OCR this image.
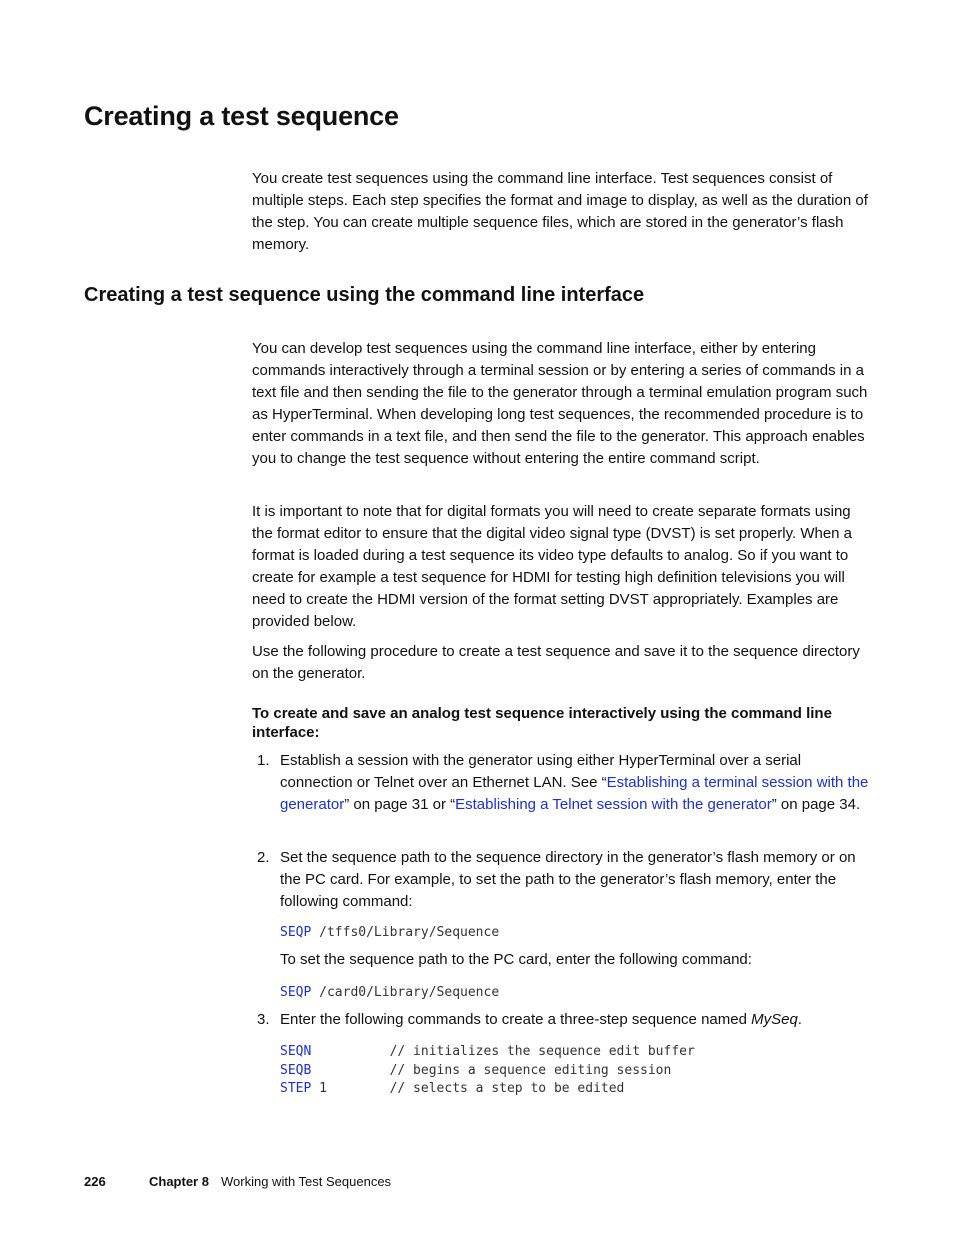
Creating a test sequence

You create test sequences using the command line interface. Test sequences consist of multiple steps. Each step specifies the format and image to display, as well as the duration of the step. You can create multiple sequence files, which are stored in the generator’s flash memory.

Creating a test sequence using the command line interface

You can develop test sequences using the command line interface, either by entering commands interactively through a terminal session or by entering a series of commands in a text file and then sending the file to the generator through a terminal emulation program such as HyperTerminal. When developing long test sequences, the recommended procedure is to enter commands in a text file, and then send the file to the generator. This approach enables you to change the test sequence without entering the entire command script.

It is important to note that for digital formats you will need to create separate formats using the format editor to ensure that the digital video signal type (DVST) is set properly. When a format is loaded during a test sequence its video type defaults to analog. So if you want to create for example a test sequence for HDMI for testing high definition televisions you will need to create the HDMI version of the format setting DVST appropriately. Examples are provided below.

Use the following procedure to create a test sequence and save it to the sequence directory on the generator.

To create and save an analog test sequence interactively using the command line interface:

1. Establish a session with the generator using either HyperTerminal over a serial connection or Telnet over an Ethernet LAN. See “Establishing a terminal session with the generator” on page 31 or “Establishing a Telnet session with the generator” on page 34.

2. Set the sequence path to the sequence directory in the generator’s flash memory or on the PC card. For example, to set the path to the generator’s flash memory, enter the following command:

SEQP /tffs0/Library/Sequence

To set the sequence path to the PC card, enter the following command:

SEQP /card0/Library/Sequence
3. Enter the following commands to create a three-step sequence named MySeq.

SEQN          // initializes the sequence edit buffer
SEQB          // begins a sequence editing session
STEP 1        // selects a step to be edited
226	Chapter 8 Working with Test Sequences
